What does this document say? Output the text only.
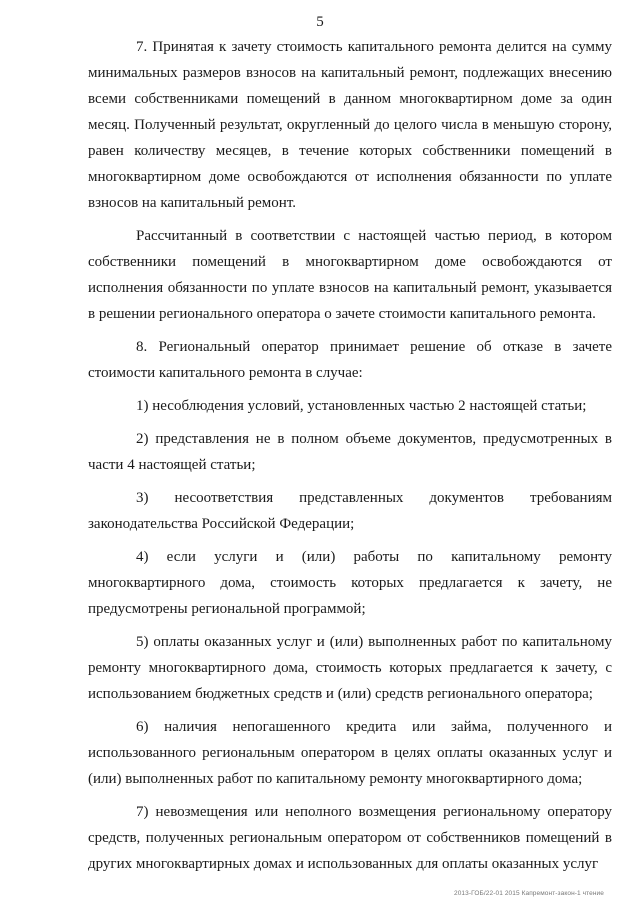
5

7. Принятая к зачету стоимость капитального ремонта делится на сумму минимальных размеров взносов на капитальный ремонт, подлежащих внесению всеми собственниками помещений в данном многоквартирном доме за один месяц. Полученный результат, округленный до целого числа в меньшую сторону, равен количеству месяцев, в течение которых собственники помещений в многоквартирном доме освобождаются от исполнения обязанности по уплате взносов на капитальный ремонт.

Рассчитанный в соответствии с настоящей частью период, в котором собственники помещений в многоквартирном доме освобождаются от исполнения обязанности по уплате взносов на капитальный ремонт, указывается в решении регионального оператора о зачете стоимости капитального ремонта.

8. Региональный оператор принимает решение об отказе в зачете стоимости капитального ремонта в случае:

1) несоблюдения условий, установленных частью 2 настоящей статьи;

2) представления не в полном объеме документов, предусмотренных в части 4 настоящей статьи;

3) несоответствия представленных документов требованиям законодательства Российской Федерации;

4) если услуги и (или) работы по капитальному ремонту многоквартирного дома, стоимость которых предлагается к зачету, не предусмотрены региональной программой;

5) оплаты оказанных услуг и (или) выполненных работ по капитальному ремонту многоквартирного дома, стоимость которых предлагается к зачету, с использованием бюджетных средств и (или) средств регионального оператора;

6) наличия непогашенного кредита или займа, полученного и использованного региональным оператором в целях оплаты оказанных услуг и (или) выполненных работ по капитальному ремонту многоквартирного дома;

7) невозмещения или неполного возмещения региональному оператору средств, полученных региональным оператором от собственников помещений в других многоквартирных домах и использованных для оплаты оказанных услуг

2013-ГОБ/22-01 2015 Капремонт-закон-1 чтение
